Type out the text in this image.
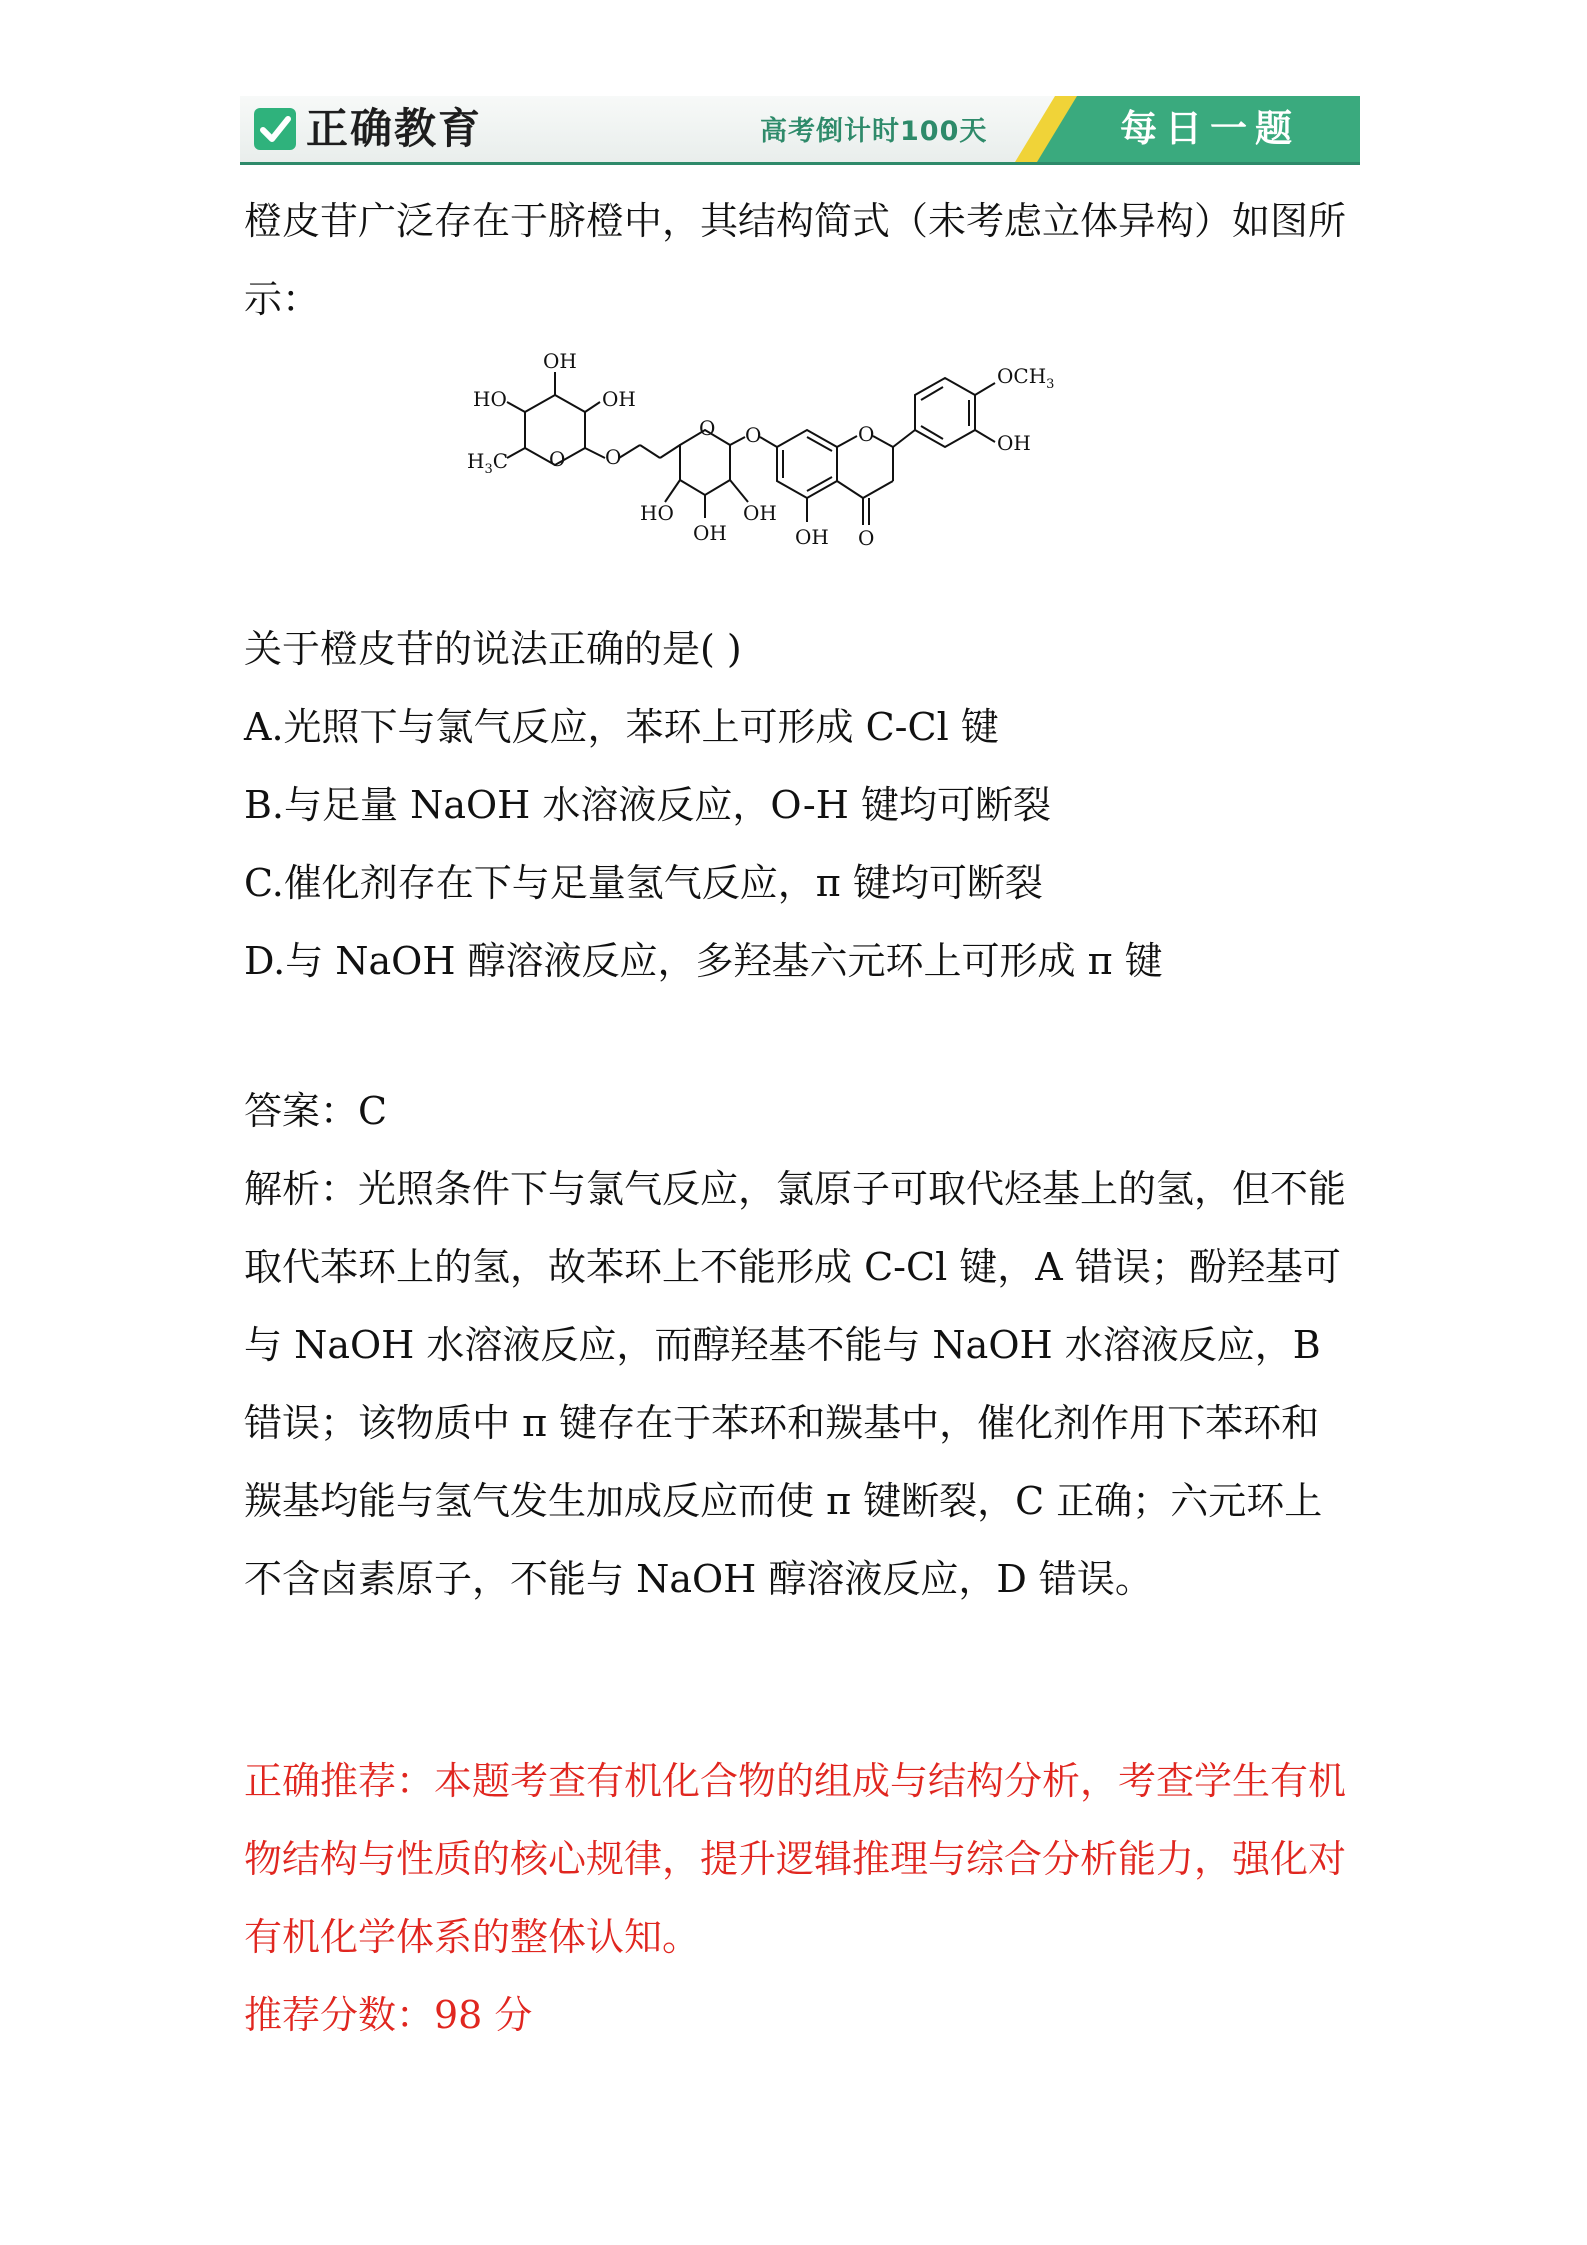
正确教育	高考倒计时100天	每日一题

橙皮苷广泛存在于脐橙中，其结构简式（未考虑立体异构）如图所示：

OH
OH
HO
$H_3C$ O O
O O
HO	OH
OH
O
OH O
$OCH_3$
OH
关于橙皮苷的说法正确的是( )
A.光照下与氯气反应，苯环上可形成 C-Cl 键
B.与足量 NaOH 水溶液反应，O-H 键均可断裂
C.催化剂存在下与足量氢气反应，π 键均可断裂
D.与 NaOH 醇溶液反应，多羟基六元环上可形成 π 键
答案：C

解析：光照条件下与氯气反应，氯原子可取代烃基上的氢，但不能取代苯环上的氢，故苯环上不能形成 C-Cl 键，A 错误；酚羟基可与 NaOH 水溶液反应，而醇羟基不能与 NaOH 水溶液反应，B 错误；该物质中 π 键存在于苯环和羰基中，催化剂作用下苯环和羰基均能与氢气发生加成反应而使 π 键断裂，C 正确；六元环上不含卤素原子，不能与 NaOH 醇溶液反应，D 错误。

正确推荐：本题考查有机化合物的组成与结构分析，考查学生有机物结构与性质的核心规律，提升逻辑推理与综合分析能力，强化对有机化学体系的整体认知。

推荐分数：98 分
